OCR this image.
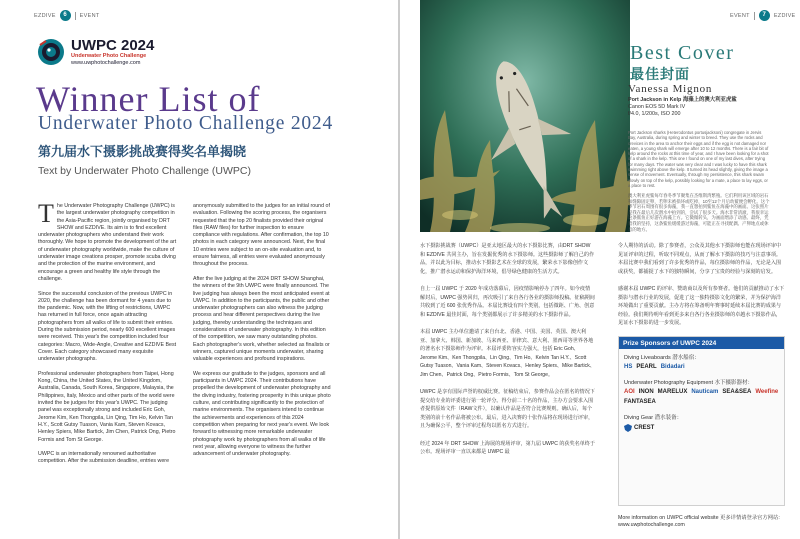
EZDIVE	6	EVENT
UWPC 2024
Underwater Photo Challenge
www.uwphotochallenge.com
Winner List of
Underwater Photo Challenge 2024
第九届水下摄影挑战赛得奖名单揭晓
Text by Underwater Photo Challenge (UWPC)

The Underwater Photography Challenge (UWPC) is the largest underwater photography competition in the Asia-Pacific region, jointly organised by DRT SHOW and EZDIVE. Its aim is to find excellent underwater photographers who understand their work thoroughly. We hope to promote the development of the art of underwater photography worldwide, make the culture of underwater image creations prosper, promote scuba diving and the protection of the marine environment, and encourage a green and healthy life style through the challenge.

Since the successful conclusion of the previous UWPC in 2020, the challenge has been dormant for 4 years due to the pandemic. Now, with the lifting of restrictions, UWPC has returned in full force, once again attracting photographers from all walks of life to submit their entries. During the submission period, nearly 600 excellent images were received. This year's the competition included four categories: Macro, Wide-Angle, Creative and EZDIVE Best Cover. Each category showcased many exquisite underwater photographs.

Professional underwater photographers from Taipei, Hong Kong, China, the United States, the United Kingdom, Australia, Canada, South Korea, Singapore, Malaysia, the Philippines, Italy, Mexico and other parts of the world were invited the be judges for this year's UWPC. The judging panel was exceptionally strong and included Eric Goh, Jerome Kim, Ken Thongpila, Lin Qing, Tim Ho, Kelvin Tan H.Y., Scott Gutsy Tuason, Vania Kam, Steven Kovacs, Henley Spiers, Mike Bartick, Jim Chen, Patrick Ong, Pietro Formis and Tom St George.

UWPC is an internationally renowned authoritative competition. After the submission deadline, entries were

anonymously submitted to the judges for an initial round of evaluation. Following the scoring process, the organisers requested that the top 20 finalists provided their original files (RAW files) for further inspection to ensure compliance with regulations. After confirmation, the top 10 photos in each category were announced. Next, the final 10 entries were subject to an on-site evaluation and, to ensure fairness, all entries were evaluated anonymously throughout the process.

After the live judging at the 2024 DRT SHOW Shanghai, the winners of the 9th UWPC were finally announced. The live judging has always been the most anticipated event at UWPC. In addition to the participants, the public and other underwater photographers can also witness the judging process and hear different perspectives during the live judging, thereby understanding the techniques and considerations of underwater photography. In this edition of the competition, we saw many outstanding photos. Each photographer's work, whether selected as finalists or winners, captured unique moments underwater, sharing valuable experiences and profound inspirations.

We express our gratitude to the judges, sponsors and all participants in UWPC 2024. Their contributions have propelled the development of underwater photography and the diving industry, fostering prosperity in this unique photo culture, and contributing significantly to the protection of marine environments. The organisers intend to continue the achievements and experiences of this 2024 competition when preparing for next year's event. We look forward to witnessing more remarkable underwater photography work by photographers from all walks of life next year, allowing everyone to witness the further advancement of underwater photography.

EVENT	7	EZDIVE
Best Cover
最佳封面
Vanessa Mignon
Port Jackson in Kelp 海藻上的澳大利亚虎鲨
Canon EOS 5D Mark IV
f/4.0, 1/200s, ISO 200
Port Jackson sharks (Heterodontus portusjacksoni) congregate in Jervis Bay, Australia, during spring and winter to breed. They use the rocks and crevices in the area to anchor their eggs and if the egg is not damaged nor eaten, a young shark will emerge after 10 to 12 months. There is a fair bit of kelp around the rocks at this time of year, and I have been looking for a shot of a shark in the kelp. This one I found on one of my last dives, after trying for many days. The water was very clear and I was lucky to have this shark swimming right above the kelp. It turned its head slightly, giving the image a sense of movement. Eventually, through my persistence, this shark swam slowly on top of the kelp, possibly looking for a mate, a place to lay eggs, or a place to rest.
澳大利亚虎鲨每年春冬季节聚集在杰维斯湾繁殖。它们利用该区域的岩石和缝隙固定卵，若卵未被损坏或吃掉，10至12个月后幼鲨便会孵化。这个季节岩石周围有很多海藻，我一直想拍到鲨鱼在海藻中的画面。这张照片是我在最后几次潜水中拍到的，尝试了很多天。海水非常清澈，我很幸运这条鲨鱼正好游在海藻上方。它微微转头，为画面增添了动感。最终，凭着我的坚持，这条鲨鱼缓缓游过海藻，可能正在寻找配偶、产卵地点或休息的地方。

水下摄影挑战赛（UWPC）是亚太地区最大的水下摄影比赛，由DRT SHOW 和 EZDIVE 共同主办，旨在发掘优秀的水下摄影师。这些摄影师了解自己的作品，并以此为目标，推动水下摄影艺术在全球的发展，繁荣水下影像创作文化，推广潜水运动和保护海洋环境，倡导绿色健康的生活方式。

自上一届 UWPC 于 2020 年成功落幕后，因疫情影响停办了四年。如今疫情解封后，UWPC 强势回归，再次吸引了来自各行各业的摄影师投稿。征稿期间共收到了近 600 张优秀作品。本届比赛设有四个类别，包括微距、广角、创意和 EZDIVE 最佳封面，每个类别都展示了许多精美的水下摄影作品。

本届 UWPC 主办单位邀请了来自台北、香港、中国、美国、英国、澳大利亚、加拿大、韩国、新加坡、马来西亚、菲律宾、意大利、墨西哥等世界各地的著名水下摄影师作为评审。本届评委阵容实力强大，包括 Eric Goh、Jerome Kim、Ken Thongpila、Lin Qing、Tim Ho、Kelvin Tan H.Y.、Scott Gutsy Tuason、Vania Kam、Steven Kovacs、Henley Spiers、Mike Bartick、Jim Chen、Patrick Ong、Pietro Formis、Tom St George。

UWPC 是享有国际声誉的权威比赛。征稿结束后，参赛作品会在匿名的情况下提交给专业的评委进行第一轮评分。得分前二十名的作品，主办方会要求入围者提供原始文件（RAW文件），以确认作品是否符合比赛规则。确认后，每个类别的前十名作品将被公布。最后，进入决赛的十张作品将在现场进行评审，且为确保公平，整个评审过程均以匿名方式进行。

经过 2024 年 DRT SHOW 上海展的现场评审，第九届 UWPC 的获奖名单终于公布。现场评审一直以来都是 UWPC 最

令人期待的活动。除了参赛者，公众及其他水下摄影师也能在现场评审中见证评审的过程，听取不同观点，从而了解水下摄影的技巧与注意事项。本届比赛中我们看到了许多优秀的作品，每位摄影师的作品，无论是入围或获奖，都捕捉了水下的独特瞬间，分享了宝贵的经验与深刻的启发。

感谢本届 UWPC 的评审、赞助商以及所有参赛者。他们的贡献推动了水下摄影与潜水行业的发展，促进了这一独特摄影文化的繁荣，并为保护海洋环境做出了重要贡献。主办方将在筹备明年赛事时延续本届比赛的成果与经验。我们期待明年看到更多来自各行各业摄影师的卓越水下摄影作品，见证水下摄影的进一步发展。

Prize Sponsors of UWPC 2024
Diving Liveaboards 潜水船宿：
HS PEARL Bidadari
Underwater Photography Equipment 水下摄影器材：
AOI INON MARELUX Nauticam SEA&SEA Weefine
FANTASEA
Diving Gear 潜水装备：
CREST
More information on UWPC official website 更多详情请登录官方网站: www.uwphotochallenge.com
